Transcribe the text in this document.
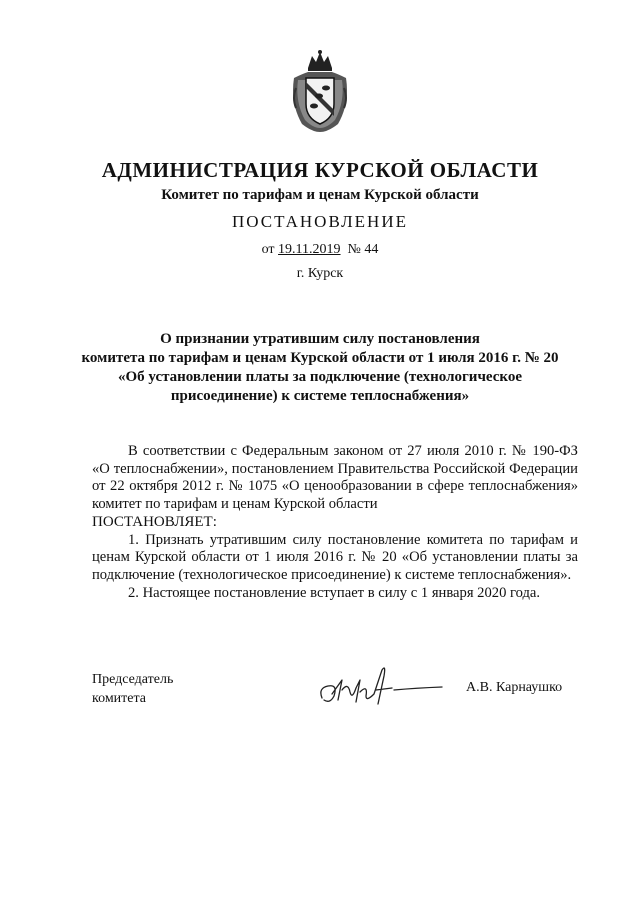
АДМИНИСТРАЦИЯ КУРСКОЙ ОБЛАСТИ
Комитет по тарифам и ценам Курской области
ПОСТАНОВЛЕНИЕ
от 19.11.2019 № 44
г. Курск
О признании утратившим силу постановления
комитета по тарифам и ценам Курской области от 1 июля 2016 г. № 20
«Об установлении платы за подключение (технологическое
присоединение) к системе теплоснабжения»

В соответствии с Федеральным законом от 27 июля 2010 г. № 190-ФЗ «О теплоснабжении», постановлением Правительства Российской Федерации от 22 октября 2012 г. № 1075 «О ценообразовании в сфере теплоснабжения» комитет по тарифам и ценам Курской области

ПОСТАНОВЛЯЕТ:

1. Признать утратившим силу постановление комитета по тарифам и ценам Курской области от 1 июля 2016 г. № 20 «Об установлении платы за подключение (технологическое присоединение) к системе теплоснабжения».

2. Настоящее постановление вступает в силу с 1 января 2020 года.

Председатель
комитета
А.В. Карнаушко
